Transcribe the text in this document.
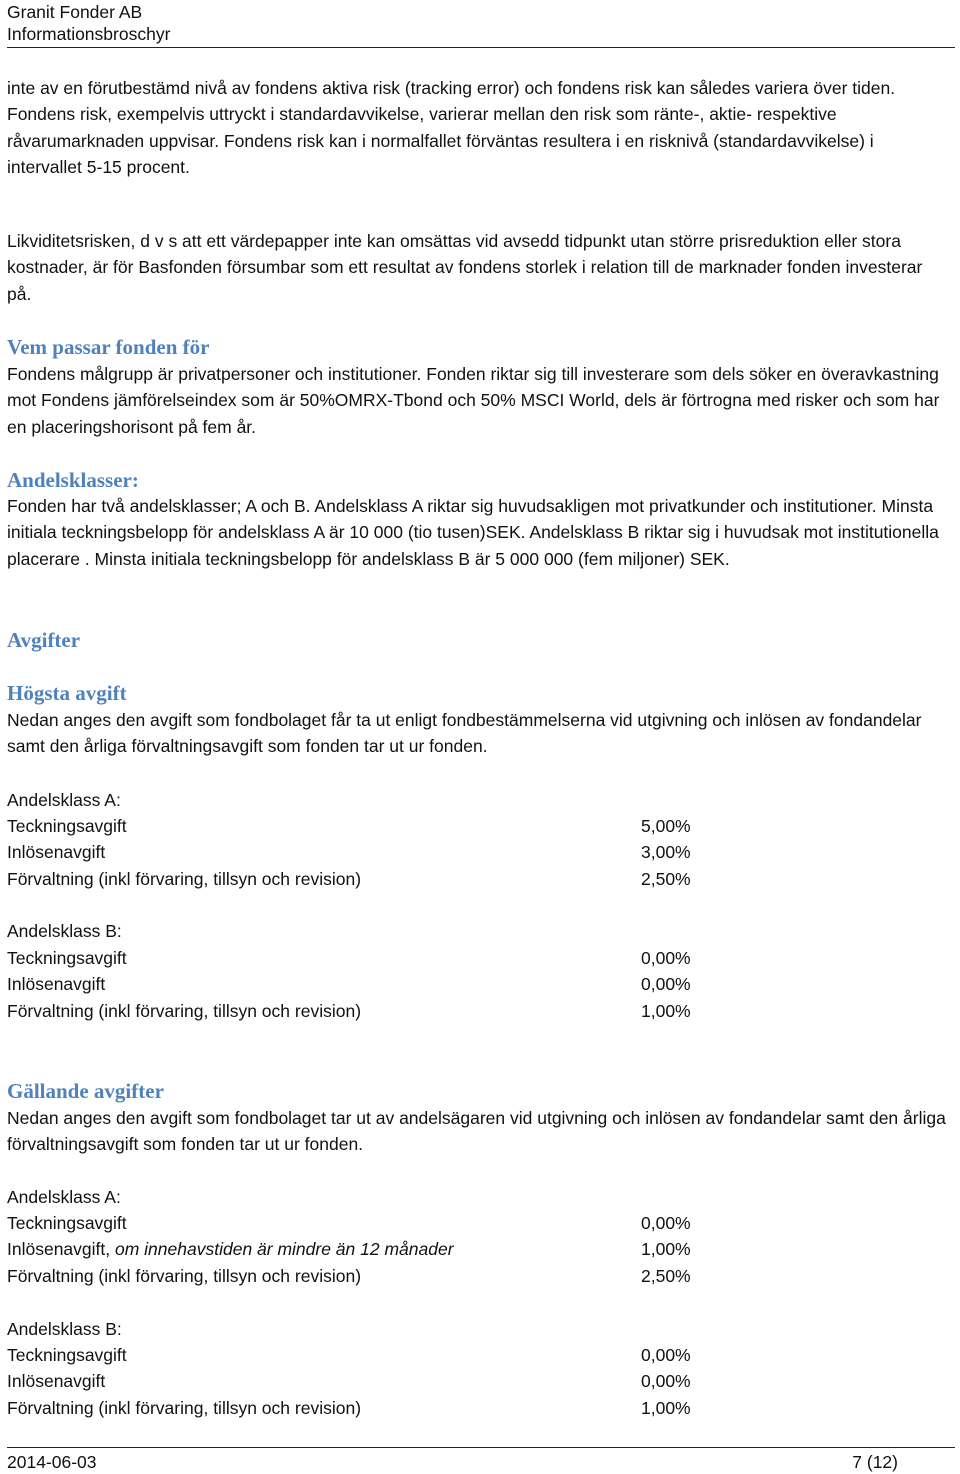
Granit Fonder AB
Informationsbroschyr

inte av en förutbestämd nivå av fondens aktiva risk (tracking error) och fondens risk kan således variera över tiden. Fondens risk, exempelvis uttryckt i standardavvikelse, varierar mellan den risk som ränte-, aktie- respektive råvarumarknaden uppvisar. Fondens risk kan i normalfallet förväntas resultera i en risknivå (standardavvikelse) i intervallet 5-15 procent.

Likviditetsrisken, d v s att ett värdepapper inte kan omsättas vid avsedd tidpunkt utan större prisreduktion eller stora kostnader, är för Basfonden försumbar som ett resultat av fondens storlek i relation till de marknader fonden investerar på.

Vem passar fonden för

Fondens målgrupp är privatpersoner och institutioner. Fonden riktar sig till investerare som dels söker en överavkastning mot Fondens jämförelseindex som är 50%OMRX-Tbond och 50% MSCI World, dels är förtrogna med risker och som har en placeringshorisont på fem år.

Andelsklasser:

Fonden har två andelsklasser; A och B. Andelsklass A riktar sig huvudsakligen mot privatkunder och institutioner. Minsta initiala teckningsbelopp för andelsklass A är 10 000 (tio tusen)SEK. Andelsklass B riktar sig i huvudsak mot institutionella placerare . Minsta initiala teckningsbelopp för andelsklass B är 5 000 000 (fem miljoner) SEK.

Avgifter
Högsta avgift

Nedan anges den avgift som fondbolaget får ta ut enligt fondbestämmelserna vid utgivning och inlösen av fondandelar samt den årliga förvaltningsavgift som fonden tar ut ur fonden.

Andelsklass A:
Teckningsavgift	5,00%
Inlösenavgift	3,00%
Förvaltning (inkl förvaring, tillsyn och revision)	2,50%
Andelsklass B:
Teckningsavgift	0,00%
Inlösenavgift	0,00%
Förvaltning (inkl förvaring, tillsyn och revision)	1,00%
Gällande avgifter

Nedan anges den avgift som fondbolaget tar ut av andelsägaren vid utgivning och inlösen av fondandelar samt den årliga förvaltningsavgift som fonden tar ut ur fonden.

Andelsklass A:
Teckningsavgift	0,00%
Inlösenavgift, om innehavstiden är mindre än 12 månader	1,00%
Förvaltning (inkl förvaring, tillsyn och revision)	2,50%
Andelsklass B:
Teckningsavgift	0,00%
Inlösenavgift	0,00%
Förvaltning (inkl förvaring, tillsyn och revision)	1,00%
2014-06-03	7 (12)
